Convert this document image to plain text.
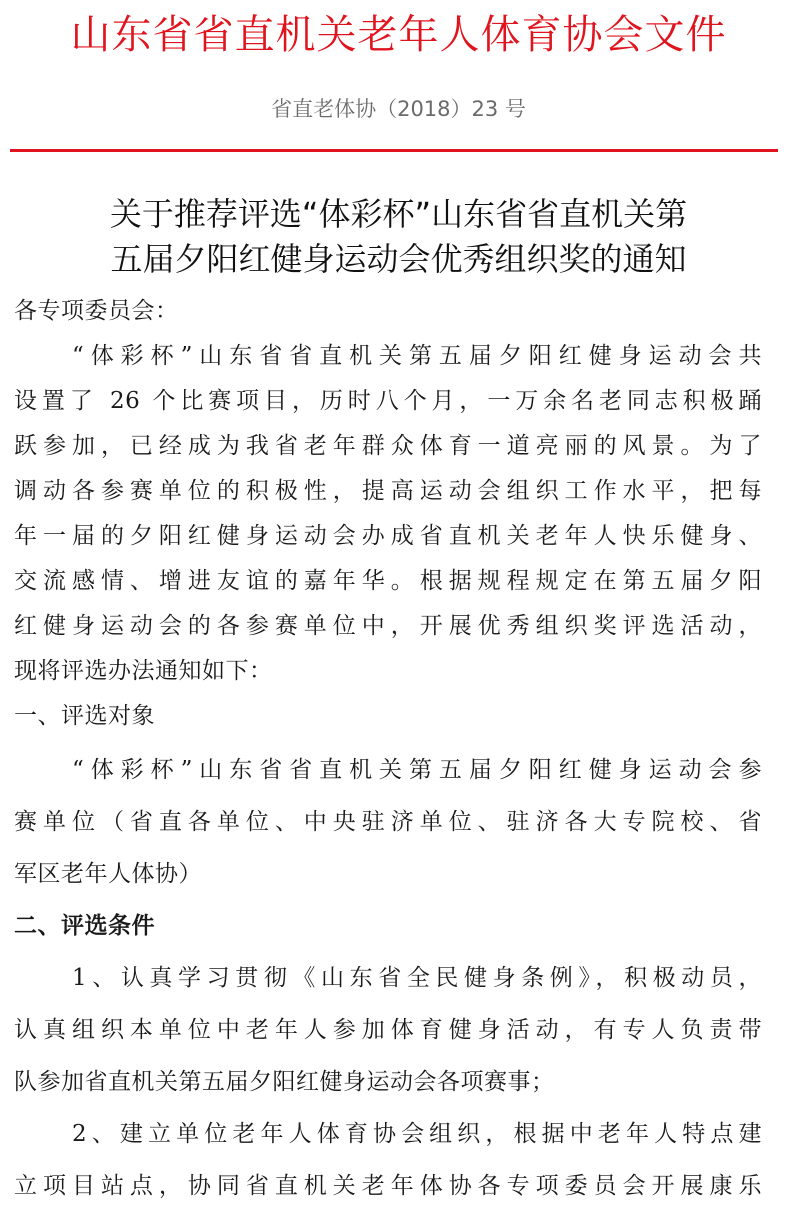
山东省省直机关老年人体育协会文件
省直老体协（2018）23 号
关于推荐评选“体彩杯”山东省省直机关第
五届夕阳红健身运动会优秀组织奖的通知
各专项委员会：
“体彩杯”山东省省直机关第五届夕阳红健身运动会共
设置了 26 个比赛项目，历时八个月，一万余名老同志积极踊
跃参加，已经成为我省老年群众体育一道亮丽的风景。为了
调动各参赛单位的积极性，提高运动会组织工作水平，把每
年一届的夕阳红健身运动会办成省直机关老年人快乐健身、
交流感情、增进友谊的嘉年华。根据规程规定在第五届夕阳
红健身运动会的各参赛单位中，开展优秀组织奖评选活动，
现将评选办法通知如下：
一、评选对象
“体彩杯”山东省省直机关第五届夕阳红健身运动会参
赛单位（省直各单位、中央驻济单位、驻济各大专院校、省
军区老年人体协）
二、评选条件
1、认真学习贯彻《山东省全民健身条例》，积极动员，
认真组织本单位中老年人参加体育健身活动，有专人负责带
队参加省直机关第五届夕阳红健身运动会各项赛事；
2、建立单位老年人体育协会组织，根据中老年人特点建
立项目站点，协同省直机关老年体协各专项委员会开展康乐
